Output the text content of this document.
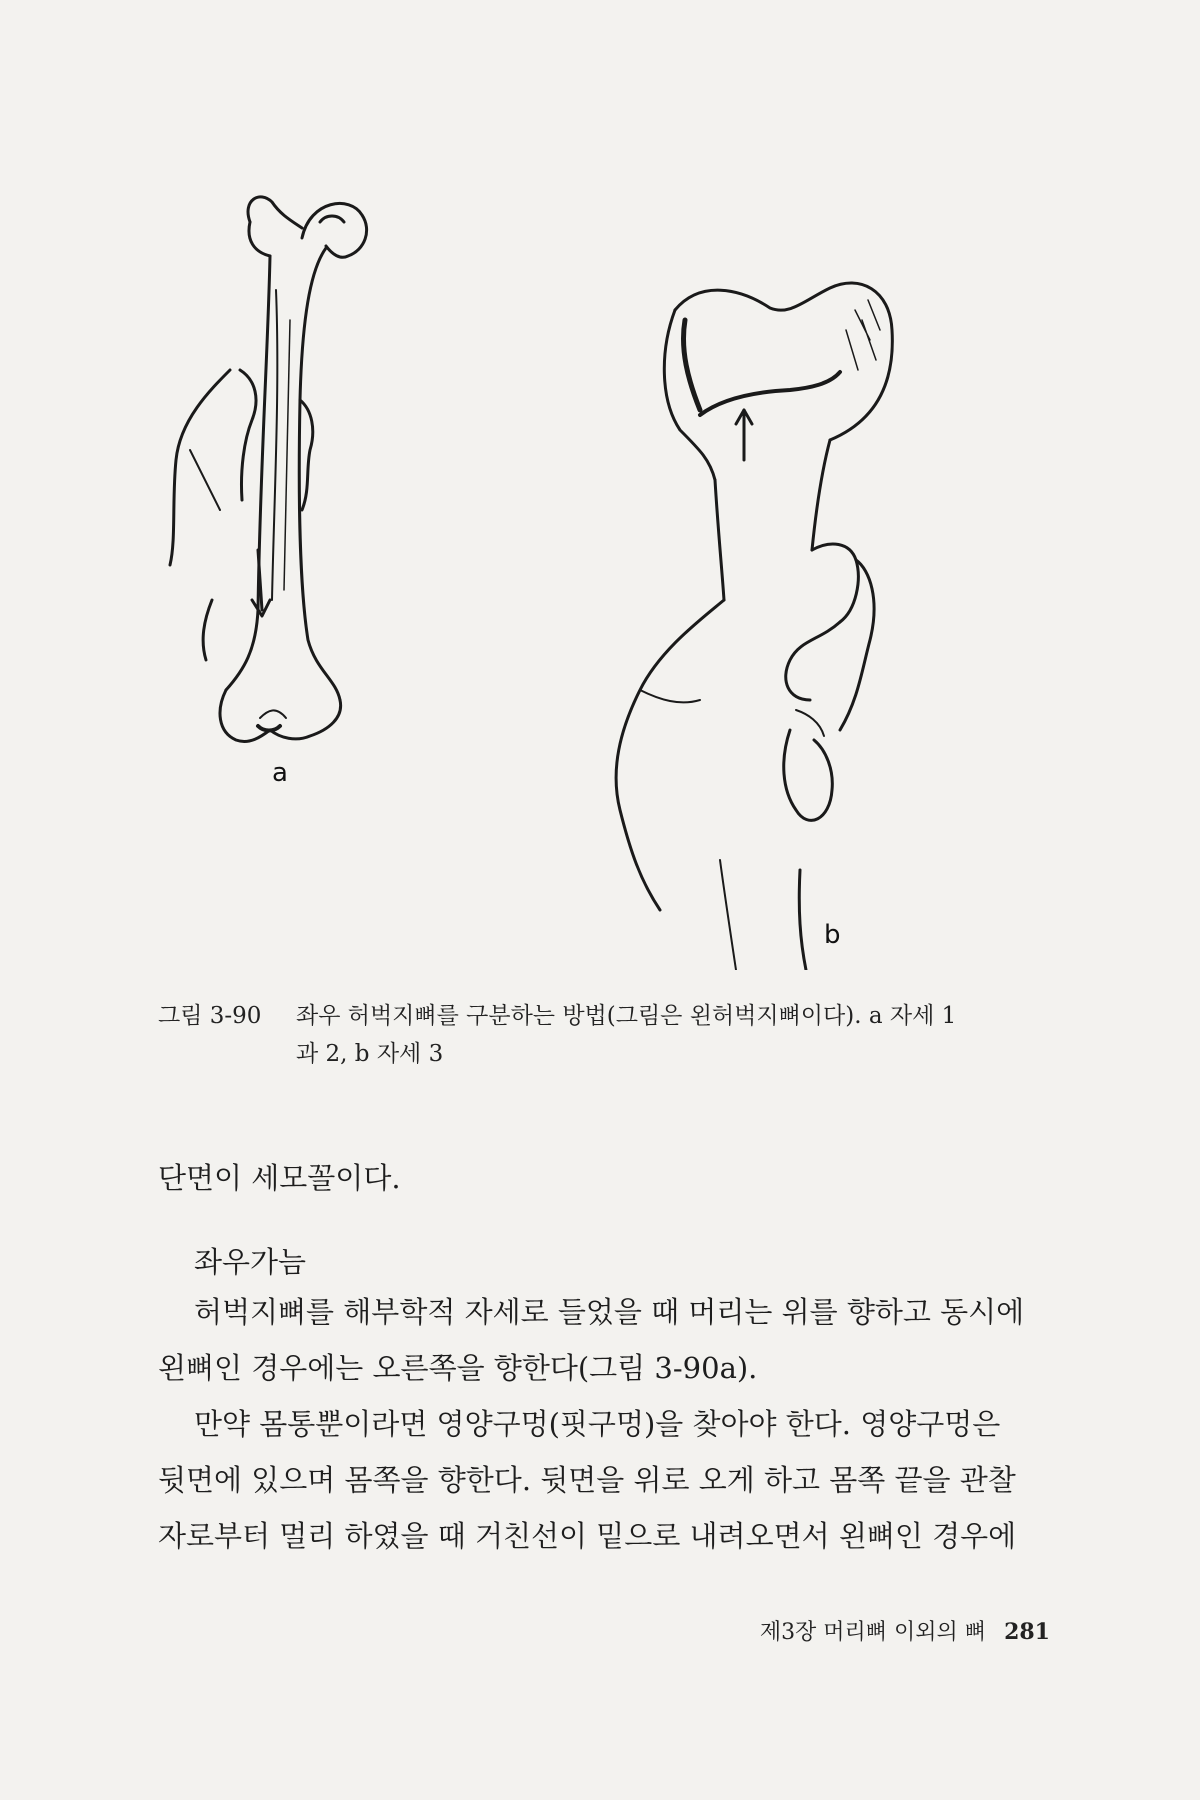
a
b
그림 3-90 좌우 허벅지뼈를 구분하는 방법(그림은 왼허벅지뼈이다). a 자세 1
과 2, b 자세 3
단면이 세모꼴이다.
좌우가늠
허벅지뼈를 해부학적 자세로 들었을 때 머리는 위를 향하고 동시에
왼뼈인 경우에는 오른쪽을 향한다(그림 3-90a).
만약 몸통뿐이라면 영양구멍(핏구멍)을 찾아야 한다. 영양구멍은
뒷면에 있으며 몸쪽을 향한다. 뒷면을 위로 오게 하고 몸쪽 끝을 관찰
자로부터 멀리 하였을 때 거친선이 밑으로 내려오면서 왼뼈인 경우에
제3장 머리뼈 이외의 뼈 281
